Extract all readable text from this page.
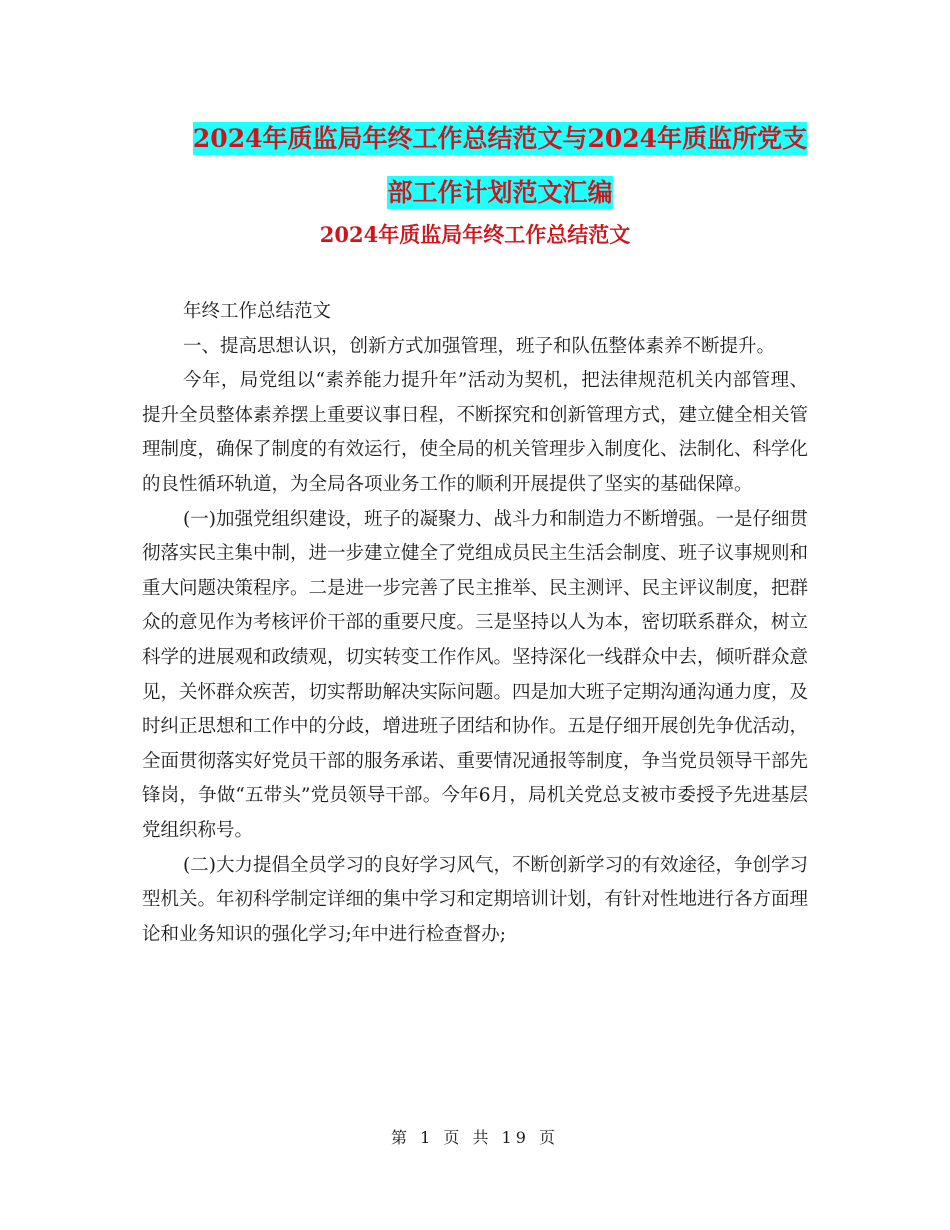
2024年质监局年终工作总结范文与2024年质监所党支
部工作计划范文汇编
2024年质监局年终工作总结范文

年终工作总结范文

一、提高思想认识，创新方式加强管理，班子和队伍整体素养不断提升。

今年，局党组以“素养能力提升年”活动为契机，把法律规范机关内部管理、提升全员整体素养摆上重要议事日程，不断探究和创新管理方式，建立健全相关管理制度，确保了制度的有效运行，使全局的机关管理步入制度化、法制化、科学化的良性循环轨道，为全局各项业务工作的顺利开展提供了坚实的基础保障。

(一)加强党组织建设，班子的凝聚力、战斗力和制造力不断增强。一是仔细贯彻落实民主集中制，进一步建立健全了党组成员民主生活会制度、班子议事规则和重大问题决策程序。二是进一步完善了民主推举、民主测评、民主评议制度，把群众的意见作为考核评价干部的重要尺度。三是坚持以人为本，密切联系群众，树立科学的进展观和政绩观，切实转变工作作风。坚持深化一线群众中去，倾听群众意见，关怀群众疾苦，切实帮助解决实际问题。四是加大班子定期沟通沟通力度，及时纠正思想和工作中的分歧，增进班子团结和协作。五是仔细开展创先争优活动，全面贯彻落实好党员干部的服务承诺、重要情况通报等制度，争当党员领导干部先锋岗，争做“五带头”党员领导干部。今年6月，局机关党总支被市委授予先进基层党组织称号。

(二)大力提倡全员学习的良好学习风气，不断创新学习的有效途径，争创学习型机关。年初科学制定详细的集中学习和定期培训计划，有针对性地进行各方面理论和业务知识的强化学习;年中进行检查督办;

第 1 页 共 19 页
